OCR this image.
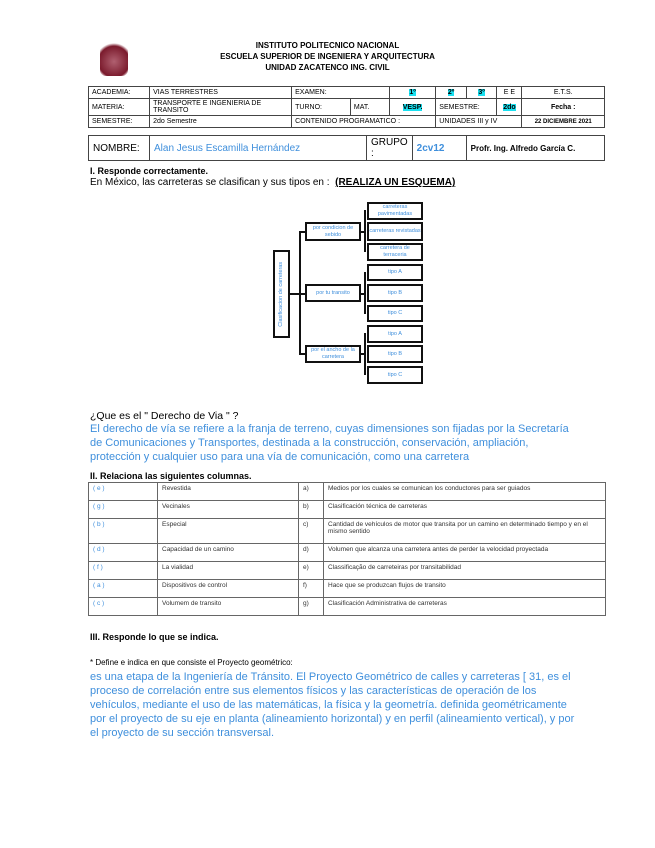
INSTITUTO POLITECNICO NACIONAL
ESCUELA SUPERIOR DE INGENIERA Y ARQUITECTURA
UNIDAD ZACATENCO ING. CIVIL
ACADEMIA:	VIAS TERRESTRES	EXAMEN:		1º	2º	3º	E E	E.T.S.
MATERIA:	TRANSPORTE E INGENIERIA DE TRANSITO	TURNO:	MAT.	VESP.	SEMESTRE:		2do	Fecha :
SEMESTRE:	2do Semestre	CONTENIDO PROGRAMATICO :			UNIDADES III y IV			22 DICIEMBRE 2021
NOMBRE:	Alan Jesus Escamilla Hernández	GRUPO :	2cv12	Profr. Ing. Alfredo García C.
I. Responde correctamente.
En México, las carreteras se clasifican y sus tipos en : (REALIZA UN ESQUEMA)
Clasificacion de carreteras
por condicion de sebido
por tu transito
por el ancho de la carretera
carreteras pavimentadas
carreteras revistadas
carretera de terraceria
tipo A
tipo B
tipo C
tipo A
tipo B
tipo C
¿Que es el " Derecho de Via " ?
El derecho de vía se refiere a la franja de terreno, cuyas dimensiones son fijadas por la Secretaría de Comunicaciones y Transportes, destinada a la construcción, conservación, ampliación, protección y cualquier uso para una vía de comunicación, como una carretera
II. Relaciona las siguientes columnas.
( e )	Revestida	a)	Medios por los cuales se comunican los conductores para ser guiados
( g )	Vecinales	b)	Clasificación técnica de carreteras
( b )	Especial	c)	Cantidad de vehículos de motor que transita por un camino en determinado tiempo y en el mismo sentido
( d )	Capacidad de un camino	d)	Volumen que alcanza una carretera antes de perder la velocidad proyectada
( f )	La vialidad	e)	Classificação de carreteiras por transitabilidad
( a )	Dispositivos de control	f)	Hace que se produzcan flujos de transito
( c )	Volumem de transito	g)	Clasificación Administrativa de carreteras
III. Responde lo que se indica.
* Define e indica en que consiste el Proyecto geométrico:
es una etapa de la Ingeniería de Tránsito. El Proyecto Geométrico de calles y carreteras [ 31, es el proceso de correlación entre sus elementos físicos y las características de operación de los vehículos, mediante el uso de las matemáticas, la física y la geometría. definida geométricamente por el proyecto de su eje en planta (alineamiento horizontal) y en perfil (alineamiento vertical), y por el proyecto de su sección transversal.
